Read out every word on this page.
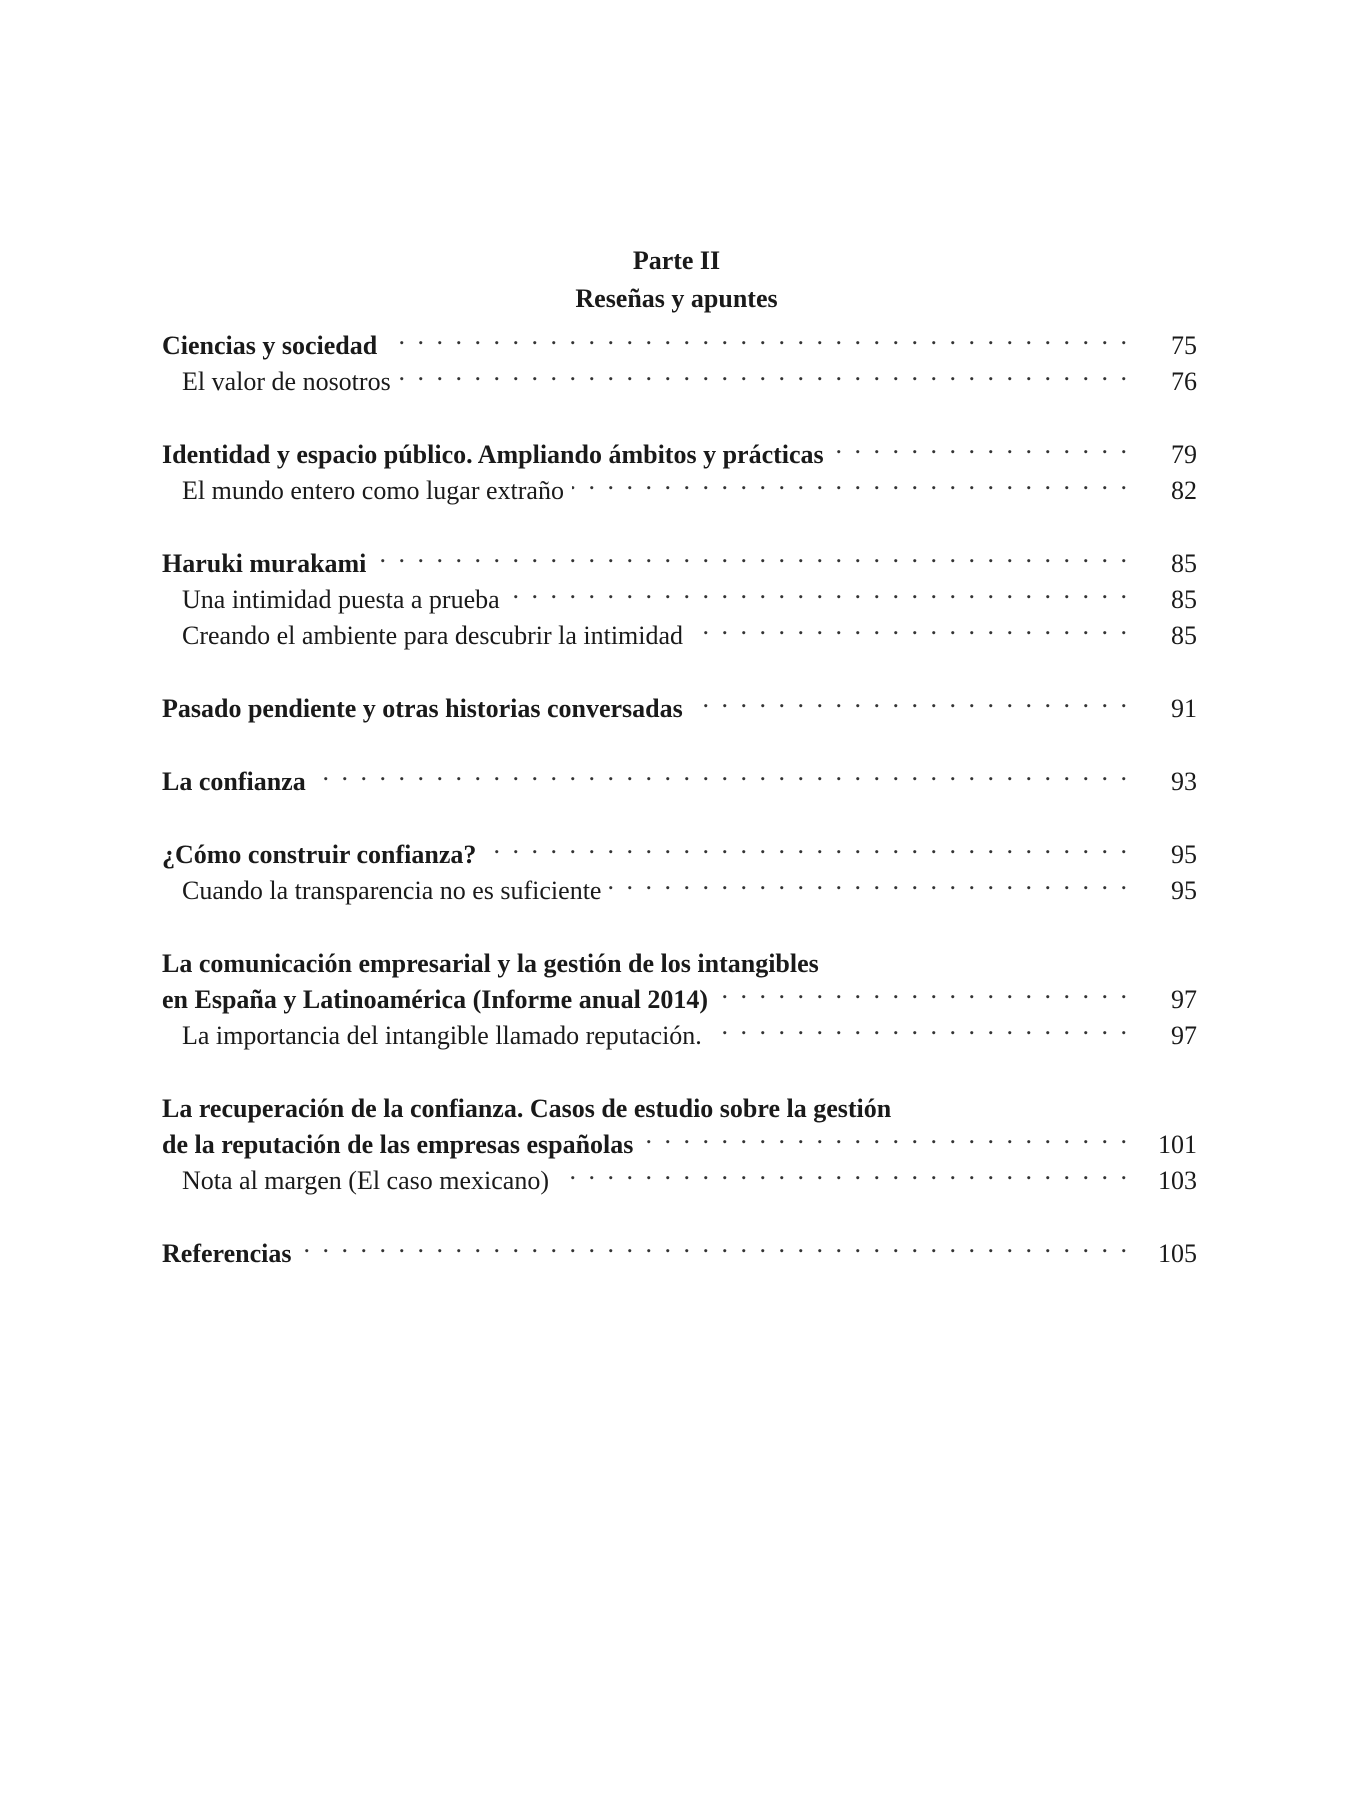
Parte II
Reseñas y apuntes
Ciencias y sociedad . . .	75
El valor de nosotros . . .	76
Identidad y espacio público. Ampliando ámbitos y prácticas . . .	79
El mundo entero como lugar extraño . . .	82
Haruki murakami . . .	85
Una intimidad puesta a prueba . . .	85
Creando el ambiente para descubrir la intimidad . . .	85
Pasado pendiente y otras historias conversadas . . .	91
La confianza . . .	93
¿Cómo construir confianza? . . .	95
Cuando la transparencia no es suficiente . . .	95
La comunicación empresarial y la gestión de los intangibles
en España y Latinoamérica (Informe anual 2014) . . .	97
La importancia del intangible llamado reputación. . . .	97
La recuperación de la confianza. Casos de estudio sobre la gestión
de la reputación de las empresas españolas . . .	101
Nota al margen (El caso mexicano) . . .	103
Referencias . . .	105
